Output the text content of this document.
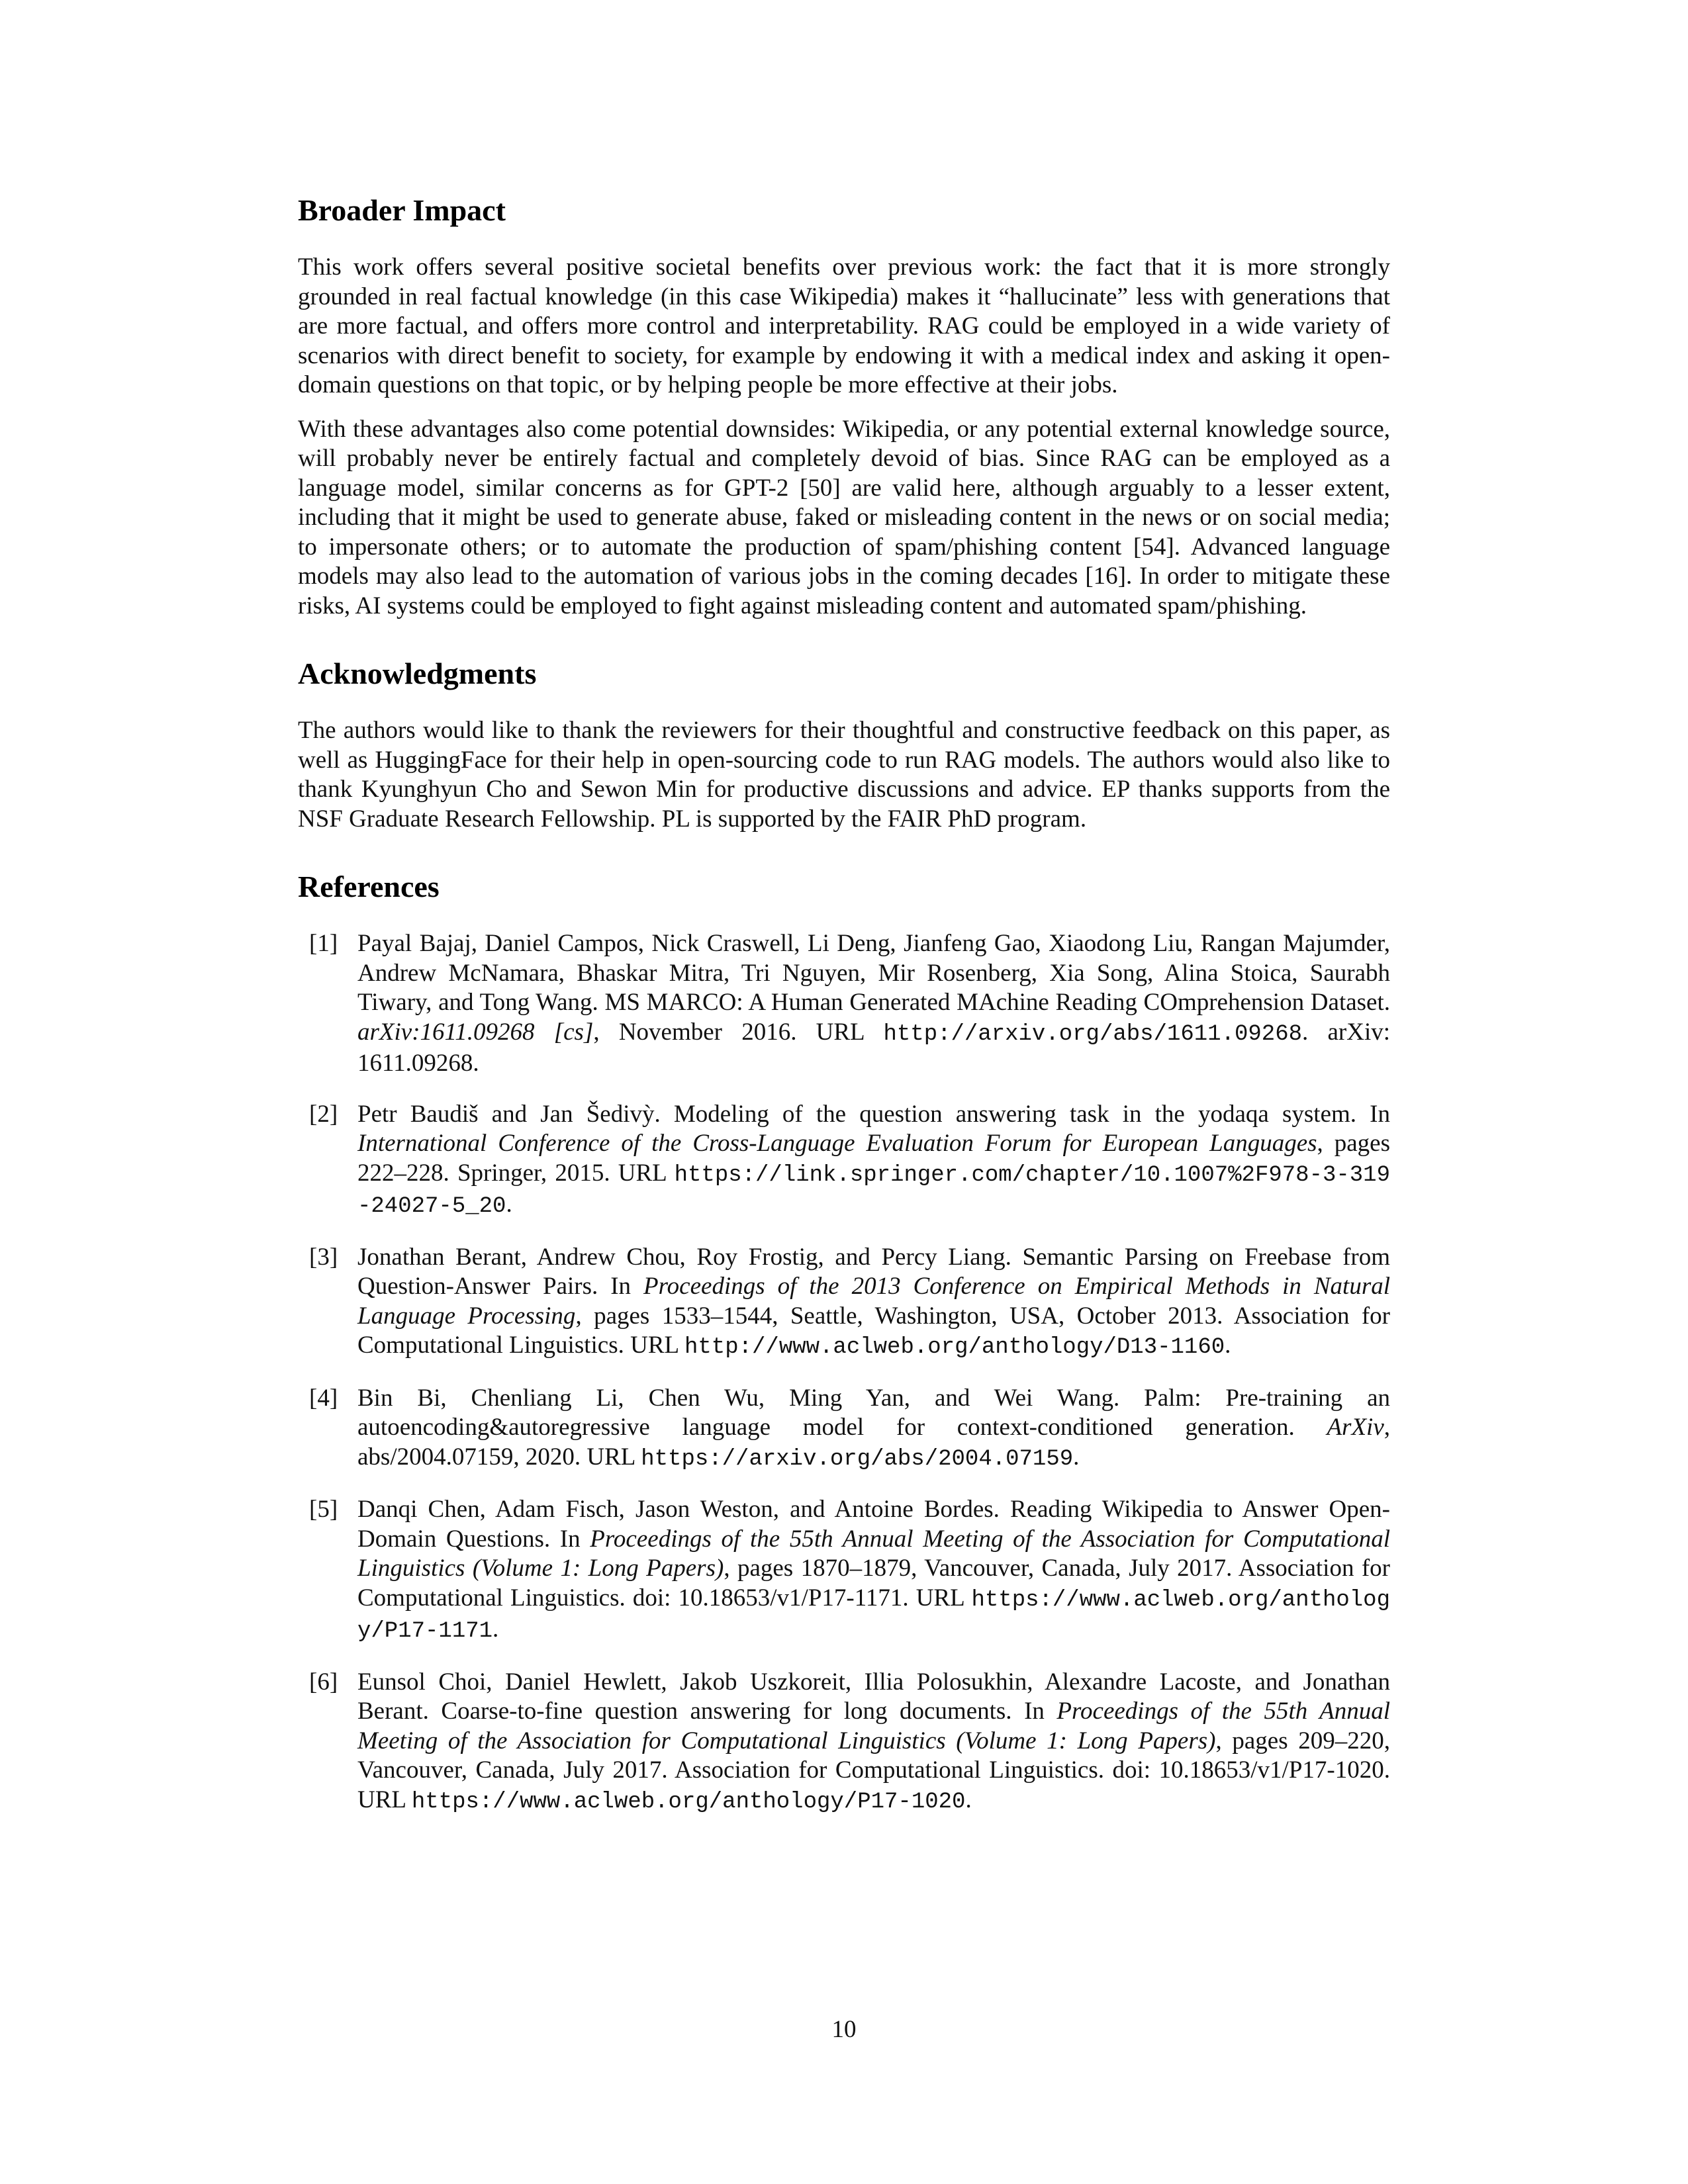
Broader Impact

This work offers several positive societal benefits over previous work: the fact that it is more strongly grounded in real factual knowledge (in this case Wikipedia) makes it “hallucinate” less with generations that are more factual, and offers more control and interpretability. RAG could be employed in a wide variety of scenarios with direct benefit to society, for example by endowing it with a medical index and asking it open-domain questions on that topic, or by helping people be more effective at their jobs.

With these advantages also come potential downsides: Wikipedia, or any potential external knowledge source, will probably never be entirely factual and completely devoid of bias. Since RAG can be employed as a language model, similar concerns as for GPT-2 [50] are valid here, although arguably to a lesser extent, including that it might be used to generate abuse, faked or misleading content in the news or on social media; to impersonate others; or to automate the production of spam/phishing content [54]. Advanced language models may also lead to the automation of various jobs in the coming decades [16]. In order to mitigate these risks, AI systems could be employed to fight against misleading content and automated spam/phishing.

Acknowledgments

The authors would like to thank the reviewers for their thoughtful and constructive feedback on this paper, as well as HuggingFace for their help in open-sourcing code to run RAG models. The authors would also like to thank Kyunghyun Cho and Sewon Min for productive discussions and advice. EP thanks supports from the NSF Graduate Research Fellowship. PL is supported by the FAIR PhD program.

References
[1] Payal Bajaj, Daniel Campos, Nick Craswell, Li Deng, Jianfeng Gao, Xiaodong Liu, Rangan Majumder, Andrew McNamara, Bhaskar Mitra, Tri Nguyen, Mir Rosenberg, Xia Song, Alina Stoica, Saurabh Tiwary, and Tong Wang. MS MARCO: A Human Generated MAchine Reading COmprehension Dataset. arXiv:1611.09268 [cs], November 2016. URL http://arxiv.org/abs/1611.09268. arXiv: 1611.09268.
[2] Petr Baudiš and Jan Šedivỳ. Modeling of the question answering task in the yodaqa system. In International Conference of the Cross-Language Evaluation Forum for European Languages, pages 222–228. Springer, 2015. URL https://link.springer.com/chapter/10.1007%2F978-3-319-24027-5_20.
[3] Jonathan Berant, Andrew Chou, Roy Frostig, and Percy Liang. Semantic Parsing on Freebase from Question-Answer Pairs. In Proceedings of the 2013 Conference on Empirical Methods in Natural Language Processing, pages 1533–1544, Seattle, Washington, USA, October 2013. Association for Computational Linguistics. URL http://www.aclweb.org/anthology/D13-1160.
[4] Bin Bi, Chenliang Li, Chen Wu, Ming Yan, and Wei Wang. Palm: Pre-training an autoencoding&autoregressive language model for context-conditioned generation. ArXiv, abs/2004.07159, 2020. URL https://arxiv.org/abs/2004.07159.
[5] Danqi Chen, Adam Fisch, Jason Weston, and Antoine Bordes. Reading Wikipedia to Answer Open-Domain Questions. In Proceedings of the 55th Annual Meeting of the Association for Computational Linguistics (Volume 1: Long Papers), pages 1870–1879, Vancouver, Canada, July 2017. Association for Computational Linguistics. doi: 10.18653/v1/P17-1171. URL https://www.aclweb.org/anthology/P17-1171.
[6] Eunsol Choi, Daniel Hewlett, Jakob Uszkoreit, Illia Polosukhin, Alexandre Lacoste, and Jonathan Berant. Coarse-to-fine question answering for long documents. In Proceedings of the 55th Annual Meeting of the Association for Computational Linguistics (Volume 1: Long Papers), pages 209–220, Vancouver, Canada, July 2017. Association for Computational Linguistics. doi: 10.18653/v1/P17-1020. URL https://www.aclweb.org/anthology/P17-1020.
10
